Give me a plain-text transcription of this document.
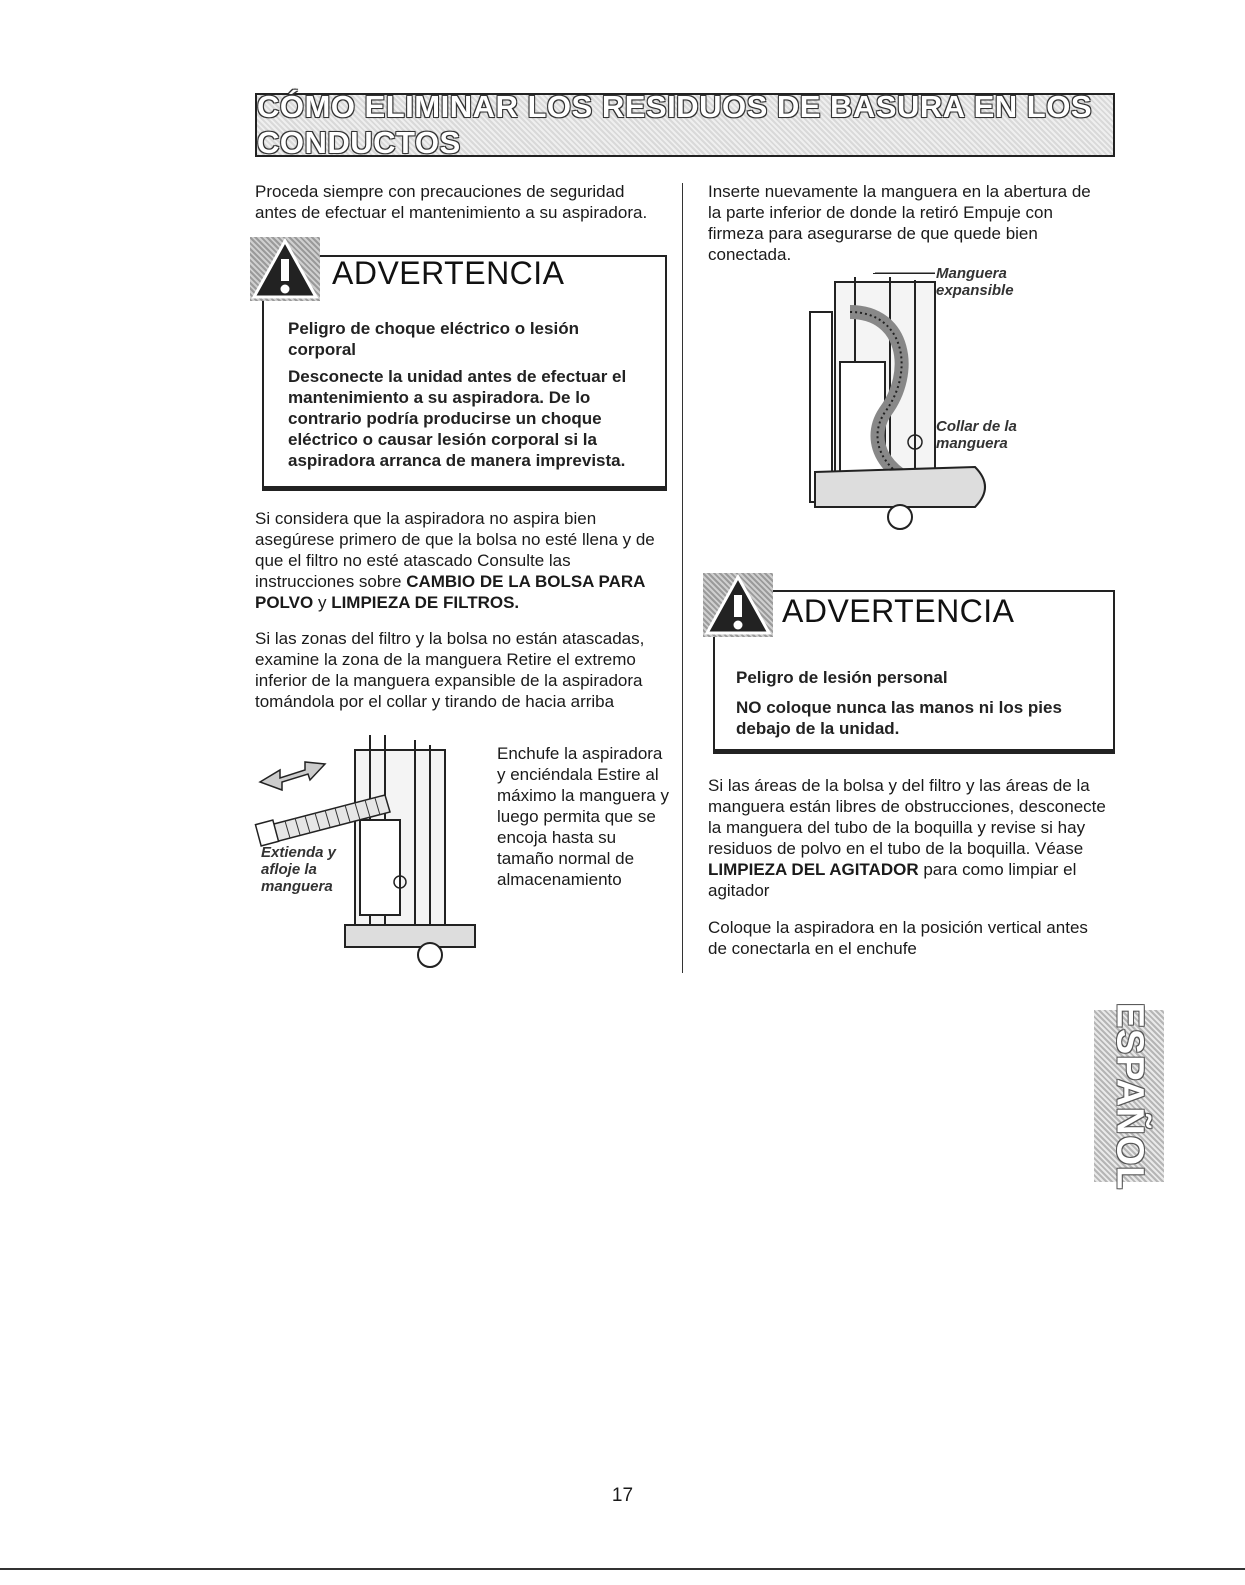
CÓMO ELIMINAR LOS RESIDUOS DE BASURA EN LOS CONDUCTOS
Proceda siempre con precauciones de seguridad antes de efectuar el mantenimiento a su aspiradora.
ADVERTENCIA
Peligro de choque eléctrico o lesión corporal
Desconecte la unidad antes de efectuar el mantenimiento a su aspiradora. De lo contrario podría producirse un choque eléctrico o causar lesión corporal si la aspiradora arranca de manera imprevista.
Si considera que la aspiradora no aspira bien asegúrese primero de que la bolsa no esté llena y de que el filtro no esté atascado Consulte las instrucciones sobre CAMBIO DE LA BOLSA PARA POLVO y LIMPIEZA DE FILTROS.
Si las zonas del filtro y la bolsa no están atascadas, examine la zona de la manguera Retire el extremo inferior de la manguera expansible de la aspiradora tomándola por el collar y tirando de hacia arriba
Extienda y afloje la manguera
Enchufe la aspiradora y enciéndala Estire al máximo la manguera y luego permita que se encoja hasta su tamaño normal de almacenamiento
Inserte nuevamente la manguera en la abertura de la parte inferior de donde la retiró Empuje con firmeza para asegurarse de que quede bien conectada.
Manguera expansible
Collar de la manguera
ADVERTENCIA
Peligro de lesión personal
NO coloque nunca las manos ni los pies debajo de la unidad.
Si las áreas de la bolsa y del filtro y las áreas de la manguera están libres de obstrucciones, desconecte la manguera del tubo de la boquilla y revise si hay residuos de polvo en el tubo de la boquilla. Véase LIMPIEZA DEL AGITADOR para como limpiar el agitador
Coloque la aspiradora en la posición vertical antes de conectarla en el enchufe
ESPAÑOL
17
